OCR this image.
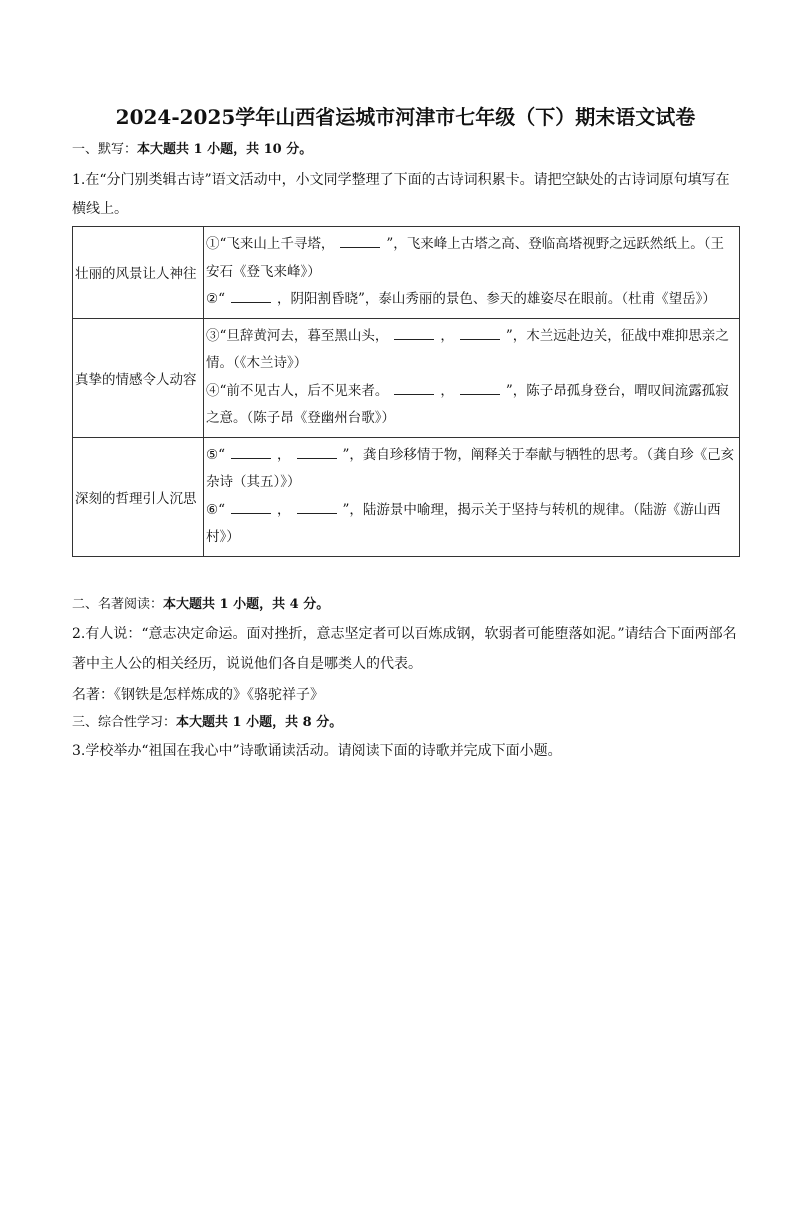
2024-2025学年山西省运城市河津市七年级（下）期末语文试卷
一、默写：本大题共 1 小题，共 10 分。
1.在“分门别类辑古诗”语文活动中，小文同学整理了下面的古诗词积累卡。请把空缺处的古诗词原句填写在横线上。
壮丽的风景让人神往	①“飞来山上千寻塔， ”，飞来峰上古塔之高、登临高塔视野之远跃然纸上。（王安石《登飞来峰》）
②“ ，阴阳割昏晓”，泰山秀丽的景色、参天的雄姿尽在眼前。（杜甫《望岳》）

真挚的情感令人动容	③“旦辞黄河去，暮至黑山头， ， ”，木兰远赴边关，征战中难抑思亲之情。（《木兰诗》）
④“前不见古人，后不见来者。 ， ”，陈子昂孤身登台，喟叹间流露孤寂之意。（陈子昂《登幽州台歌》）

深刻的哲理引人沉思	⑤“ ， ”，龚自珍移情于物，阐释关于奉献与牺牲的思考。（龚自珍《己亥杂诗（其五）》）
⑥“ ， ”，陆游景中喻理，揭示关于坚持与转机的规律。（陆游《游山西村》）
二、名著阅读：本大题共 1 小题，共 4 分。
2.有人说：“意志决定命运。面对挫折，意志坚定者可以百炼成钢，软弱者可能堕落如泥。”请结合下面两部名著中主人公的相关经历，说说他们各自是哪类人的代表。
名著：《钢铁是怎样炼成的》《骆驼祥子》
三、综合性学习：本大题共 1 小题，共 8 分。
3.学校举办“祖国在我心中”诗歌诵读活动。请阅读下面的诗歌并完成下面小题。
